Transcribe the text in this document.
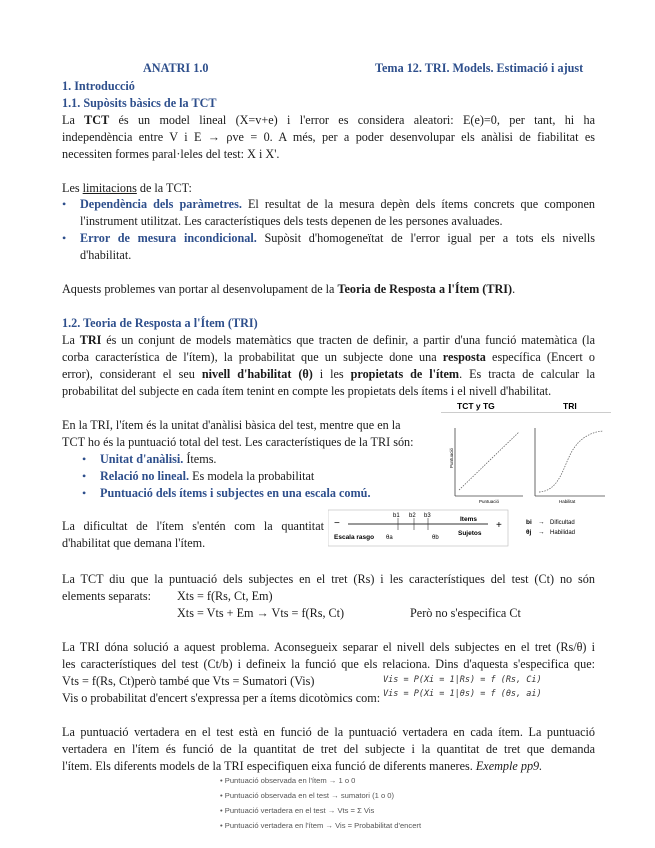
ANATRI 1.0	Tema 12. TRI. Models. Estimació i ajust
1. Introducció
1.1. Supòsits bàsics de la TCT
La TCT és un model lineal (X=v+e) i l'error es considera aleatori: E(e)=0, per tant, hi ha
independència entre V i E → ρve = 0. A més, per a poder desenvolupar els anàlisi de fiabilitat es
necessiten formes paral·leles del test: X i X'.
Les limitacions de la TCT:
• Dependència dels paràmetres. El resultat de la mesura depèn dels ítems concrets que componen
l'instrument utilitzat. Les característiques dels tests depenen de les persones avaluades.
• Error de mesura incondicional. Supòsit d'homogeneïtat de l'error igual per a tots els nivells
d'habilitat.
Aquests problemes van portar al desenvolupament de la Teoria de Resposta a l'Ítem (TRI).
1.2. Teoria de Resposta a l'Ítem (TRI)
La TRI és un conjunt de models matemàtics que tracten de definir, a partir d'una funció matemàtica (la
corba característica de l'ítem), la probabilitat que un subjecte done una resposta específica (Encert o
error), considerant el seu nivell d'habilitat (θ) i les propietats de l'ítem. Es tracta de calcular la
probabilitat del subjecte en cada ítem tenint en compte les propietats dels ítems i el nivell d'habilitat.
En la TRI, l'ítem és la unitat d'anàlisi bàsica del test, mentre que en la
TCT ho és la puntuació total del test. Les característiques de la TRI són:
• Unitat d'anàlisi. Ítems.
• Relació no lineal. Es modela la probabilitat
• Puntuació dels ítems i subjectes en una escala comú.
TCT y TG	TRI
Puntuació
Puntuació	Habilitat
La dificultat de l'ítem s'entén com la quantitat
d'habilitat que demana l'ítem.
−	+
b1 b2 b3
θa	θb
Escala rasgo
Items
Sujetos
bi → Dificultad
θj → Habilidad
La TCT diu que la puntuació dels subjectes en el tret (Rs) i les característiques del test (Ct) no són
elements separats: Xts = f(Rs, Ct, Em)
Xts = Vts + Em → Vts = f(Rs, Ct)	Però no s'especifica Ct
La TRI dóna solució a aquest problema. Aconsegueix separar el nivell dels subjectes en el tret (Rs/θ) i
les característiques del test (Ct/b) i defineix la funció que els relaciona. Dins d'aquesta s'especifica que:
Vts = f(Rs, Ct)però també que Vts = Sumatori (Vis)
Vis o probabilitat d'encert s'expressa per a ítems dicotòmics com:
Vis = P(Xi = 1|Rs) = f (Rs, Ci)
Vis = P(Xi = 1|θs) = f (θs, ai)
La puntuació vertadera en el test està en funció de la puntuació vertadera en cada ítem. La puntuació
vertadera en l'ítem és funció de la quantitat de tret del subjecte i la quantitat de tret que demanda
l'ítem. Els diferents models de la TRI especifiquen eixa funció de diferents maneres. Exemple pp9.
• Puntuació observada en l'ítem → 1 o 0
• Puntuació observada en el test → sumatori (1 o 0)
• Puntuació vertadera en el test → Vts = Σ Vis
• Puntuació vertadera en l'ítem → Vis = Probabilitat d'encert
